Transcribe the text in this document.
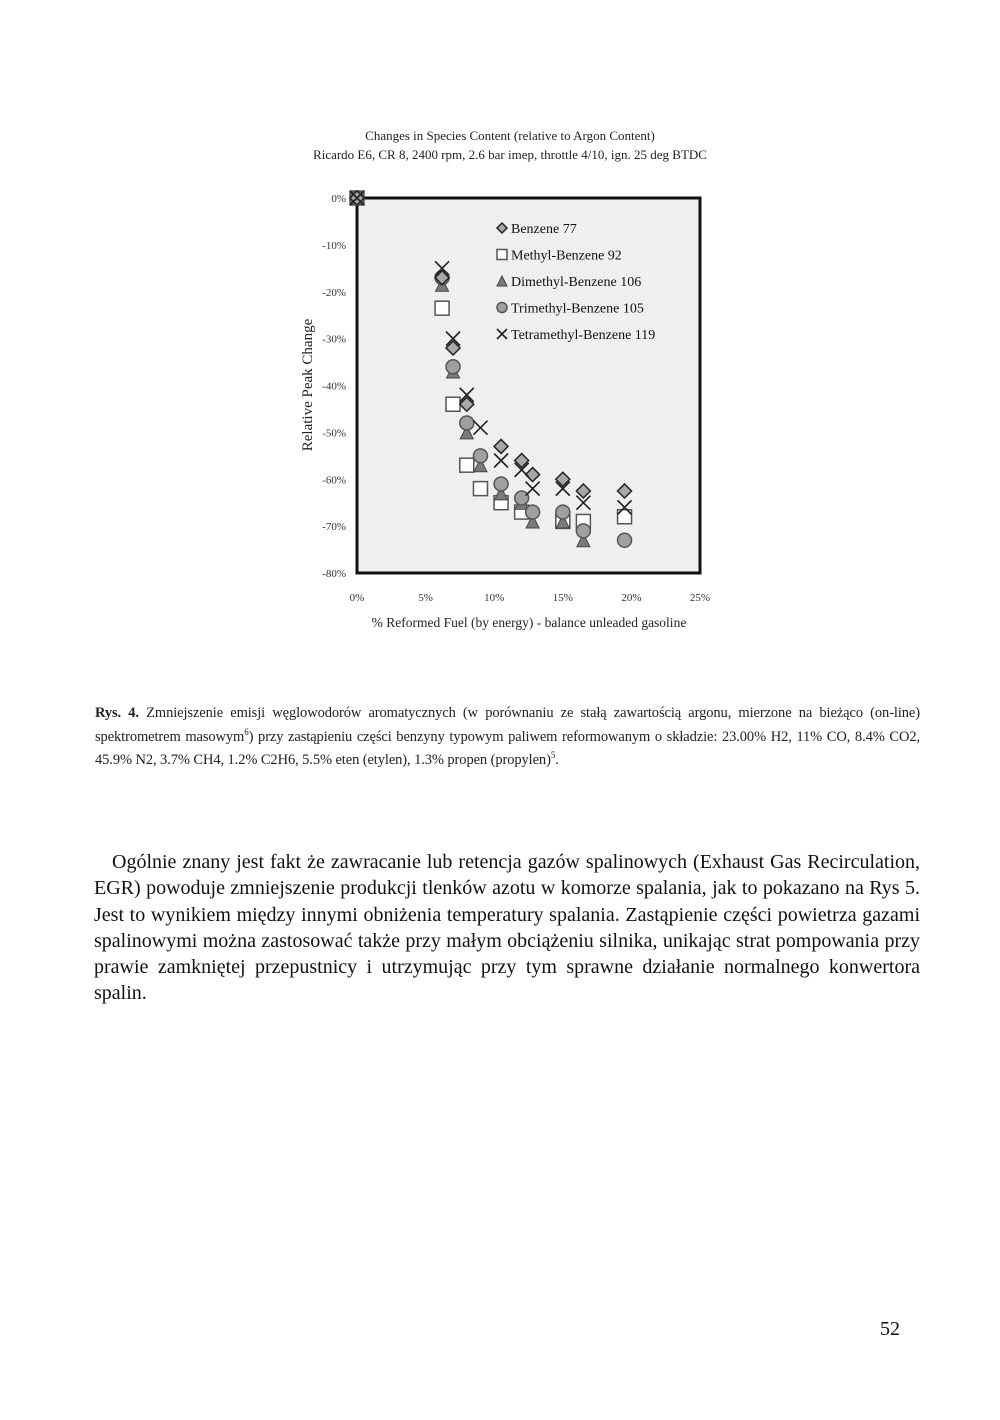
Changes in Species Content (relative to Argon Content)
Ricardo E6, CR 8, 2400 rpm, 2.6 bar imep, throttle 4/10, ign. 25 deg BTDC
0%
-10%
-20%
-30%
-40%
-50%
-60%
-70%
-80%
0%	5%	10%	15%	20%	25%
Benzene 77
Methyl-Benzene 92
Dimethyl-Benzene 106
Trimethyl-Benzene 105
Tetramethyl-Benzene 119
Relative Peak Change
% Reformed Fuel (by energy) - balance unleaded gasoline
Rys. 4. Zmniejszenie emisji węglowodorów aromatycznych (w porównaniu ze stałą zawartością argonu, mierzone na bieżąco (on-line) spektrometrem masowym$^6$) przy zastąpieniu części benzyny typowym paliwem reformowanym o składzie: 23.00% H2, 11% CO, 8.4% CO2, 45.9% N2, 3.7% CH4, 1.2% C2H6, 5.5% eten (etylen), 1.3% propen (propylen)$^5$.
Ogólnie znany jest fakt że zawracanie lub retencja gazów spalinowych (Exhaust Gas Recirculation, EGR) powoduje zmniejszenie produkcji tlenków azotu w komorze spalania, jak to pokazano na Rys 5. Jest to wynikiem między innymi obniżenia temperatury spalania. Zastąpienie części powietrza gazami spalinowymi można zastosować także przy małym obciążeniu silnika, unikając strat pompowania przy prawie zamkniętej przepustnicy i utrzymując przy tym sprawne działanie normalnego konwertora spalin.
52
